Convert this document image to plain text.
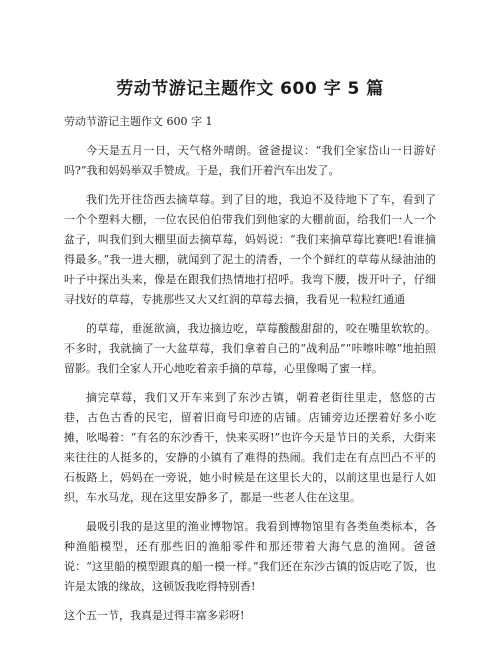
劳动节游记主题作文 600 字 5 篇

劳动节游记主题作文 600 字 1

今天是五月一日，天气格外晴朗。爸爸提议：“我们全家岱山一日游好吗?”我和妈妈举双手赞成。于是，我们开着汽车出发了。

我们先开往岱西去摘草莓。到了目的地，我迫不及待地下了车，看到了一个个塑料大棚，一位农民伯伯带我们到他家的大棚前面，给我们一人一个盆子，叫我们到大棚里面去摘草莓，妈妈说：“我们来摘草莓比赛吧!看谁摘得最多。”我一进大棚，就闻到了泥土的清香，一个个鲜红的草莓从绿油油的叶子中探出头来，像是在跟我们热情地打招呼。我弯下腰，拨开叶子，仔细寻找好的草莓，专挑那些又大又红润的草莓去摘，我看见一粒粒红通通

的草莓，垂涎欲滴，我边摘边吃，草莓酸酸甜甜的，咬在嘴里软软的。不多时，我就摘了一大盆草莓，我们拿着自己的“战利品”“咔嚓咔嚓”地拍照留影。我们全家人开心地吃着亲手摘的草莓，心里像喝了蜜一样。

摘完草莓，我们又开车来到了东沙古镇，朝着老街往里走，悠悠的古巷，古色古香的民宅，留着旧商号印迹的店铺。店铺旁边还摆着好多小吃摊，吆喝着：“有名的东沙香干，快来买呀!”也许今天是节日的关系，大街来来往往的人挺多的，安静的小镇有了难得的热闹。我们走在有点凹凸不平的石板路上，妈妈在一旁说，她小时候是在这里长大的，以前这里也是行人如织，车水马龙，现在这里安静多了，都是一些老人住在这里。

最吸引我的是这里的渔业博物馆。我看到博物馆里有各类鱼类标本，各种渔船模型，还有那些旧的渔船零件和那还带着大海气息的渔网。爸爸说：“这里船的模型跟真的船一模一样。”我们还在东沙古镇的饭店吃了饭，也许是太饿的缘故，这顿饭我吃得特别香!

这个五一节，我真是过得丰富多彩呀!
